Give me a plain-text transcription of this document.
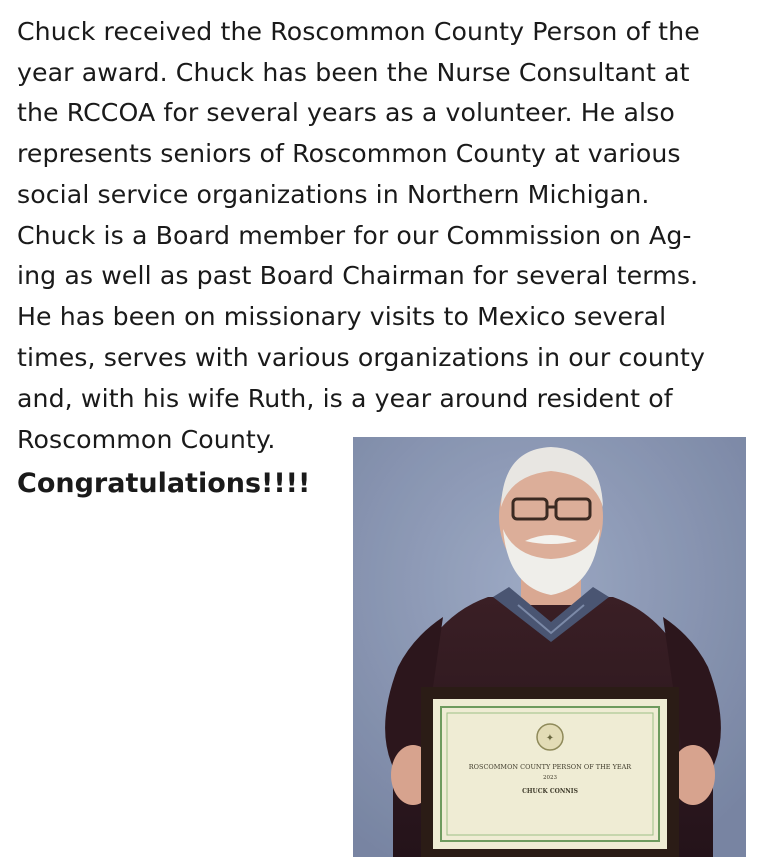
Chuck received the Roscommon County Person of the
year award. Chuck has been the Nurse Consultant at
the RCCOA for several years as a volunteer. He also
represents seniors of Roscommon County at various
social service organizations in Northern Michigan.
Chuck is a Board member for our Commission on Ag-
ing as well as past Board Chairman for several terms.
He has been on missionary visits to Mexico several
times, serves with various organizations in our county
and, with his wife Ruth, is a year around resident of
Roscommon County.
Congratulations!!!!
✦
ROSCOMMON COUNTY PERSON OF THE YEAR
2023
CHUCK CONNIS
